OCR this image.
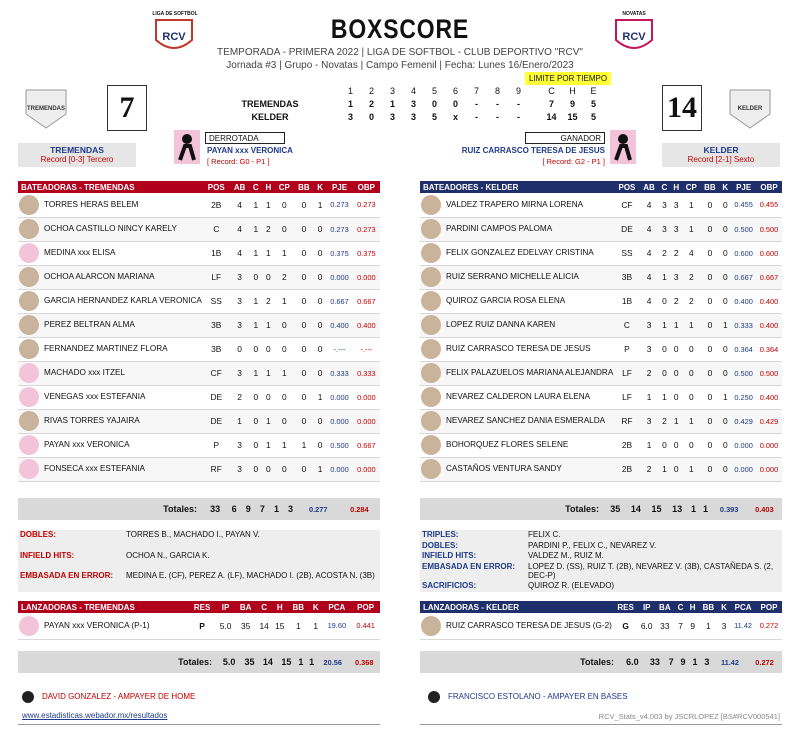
RCV
LIGA DE SOFTBOL
RCV
NOVATAS
BOXSCORE
TEMPORADA - PRIMERA 2022 | LIGA DE SOFTBOL - CLUB DEPORTIVO "RCV"
Jornada #3 | Grupo - Novatas | Campo Femenil | Fecha: Lunes 16/Enero/2023
LIMITE POR TIEMPO
TREMENDAS	7	14	KELDER
1 2 3 4 5 6 7 8 9	C H E
TREMENDAS	1 2 1 3 0 0 - - -	7 9 5
KELDER	3 0 3 3 5 x - - -	14 15 5
TREMENDAS
Record [0-3] Tercero
KELDER
Record [2-1] Sexto
DERROTADA
PAYAN xxx VERONICA
[ Record: G0 - P1 ]
GANADOR
RUIZ CARRASCO TERESA DE JESUS
[ Record: G2 - P1 ]
BATEADORAS - TREMENDAS	POS	AB	C	H	CP	BB	K	PJE	OBP
TORRES HERAS BELEM	2B	4	1	1	0	0	1	0.273	0.273
OCHOA CASTILLO NINCY KARELY	C	4	1	2	0	0	0	0.273	0.273
MEDINA xxx ELISA	1B	4	1	1	1	0	0	0.375	0.375
OCHOA ALARCON MARIANA	LF	3	0	0	2	0	0	0.000	0.000
GARCIA HERNANDEZ KARLA VERONICA	SS	3	1	2	1	0	0	0.667	0.667
PEREZ BELTRAN ALMA	3B	3	1	1	0	0	0	0.400	0.400
FERNANDEZ MARTINEZ FLORA	3B	0	0	0	0	0	0	-.---	-.---
MACHADO xxx ITZEL	CF	3	1	1	1	0	0	0.333	0.333
VENEGAS xxx ESTEFANIA	DE	2	0	0	0	0	1	0.000	0.000
RIVAS TORRES YAJAIRA	DE	1	0	1	0	0	0	0.000	0.000
PAYAN xxx VERONICA	P	3	0	1	1	1	0	0.500	0.667
FONSECA xxx ESTEFANIA	RF	3	0	0	0	0	1	0.000	0.000
BATEADORES - KELDER	POS	AB	C	H	CP	BB	K	PJE	OBP
VALDEZ TRAPERO MIRNA LORENA	CF	4	3	3	1	0	0	0.455	0.455
PARDINI CAMPOS PALOMA	DE	4	3	3	1	0	0	0.500	0.500
FELIX GONZALEZ EDELVAY CRISTINA	SS	4	2	2	4	0	0	0.600	0.600
RUIZ SERRANO MICHELLE ALICIA	3B	4	1	3	2	0	0	0.667	0.667
QUIROZ GARCIA ROSA ELENA	1B	4	0	2	2	0	0	0.400	0.400
LOPEZ RUIZ DANNA KAREN	C	3	1	1	1	0	1	0.333	0.400
RUIZ CARRASCO TERESA DE JESUS	P	3	0	0	0	0	0	0.364	0.364
FELIX PALAZUELOS MARIANA ALEJANDRA	LF	2	0	0	0	0	0	0.500	0.500
NEVAREZ CALDERON LAURA ELENA	LF	1	1	0	0	0	1	0.250	0.400
NEVAREZ SANCHEZ DANIA ESMERALDA	RF	3	2	1	1	0	0	0.429	0.429
BOHORQUEZ FLORES SELENE	2B	1	0	0	0	0	0	0.000	0.000
CASTAÑOS VENTURA SANDY	2B	2	1	0	1	0	0	0.000	0.000
Totales:	33	6	9	7	1	3	0.277	0.284	Totales:	35	14	15	13	1	1	0.393	0.403
DOBLES:	TORRES B., MACHADO I., PAYAN V.
INFIELD HITS:	OCHOA N., GARCIA K.
EMBASADA EN ERROR:	MEDINA E. (CF), PEREZ A. (LF), MACHADO I. (2B), ACOSTA N. (3B)
TRIPLES:	FELIX C.
DOBLES:	PARDINI P., FELIX C., NEVAREZ V.
INFIELD HITS:	VALDEZ M., RUIZ M.
EMBASADA EN ERROR:	LOPEZ D. (SS), RUIZ T. (2B), NEVAREZ V. (3B), CASTAÑEDA S. (2, DEC-P)
SACRIFICIOS:	QUIROZ R. (ELEVADO)
LANZADORAS - TREMENDAS	RES	IP	BA	C	H	BB	K	PCA	POP
PAYAN xxx VERONICA (P-1)	P	5.0	35	14	15	1	1	19.60	0.441
LANZADORAS - KELDER	RES	IP	BA	C	H	BB	K	PCA	POP
RUIZ CARRASCO TERESA DE JESUS (G-2)	G	6.0	33	7	9	1	3	11.42	0.272
Totales:	5.0	35	14	15	1	1	20.56	0.368	Totales:	6.0	33	7	9	1	3	11.42	0.272
DAVID GONZALEZ - AMPAYER DE HOME	FRANCISCO ESTOLANO - AMPAYER EN BASES
www.estadisticas.webador.mx/resultados	RCV_Stats_v4.003 by JSCRLOPEZ [BS#RCV000541]
